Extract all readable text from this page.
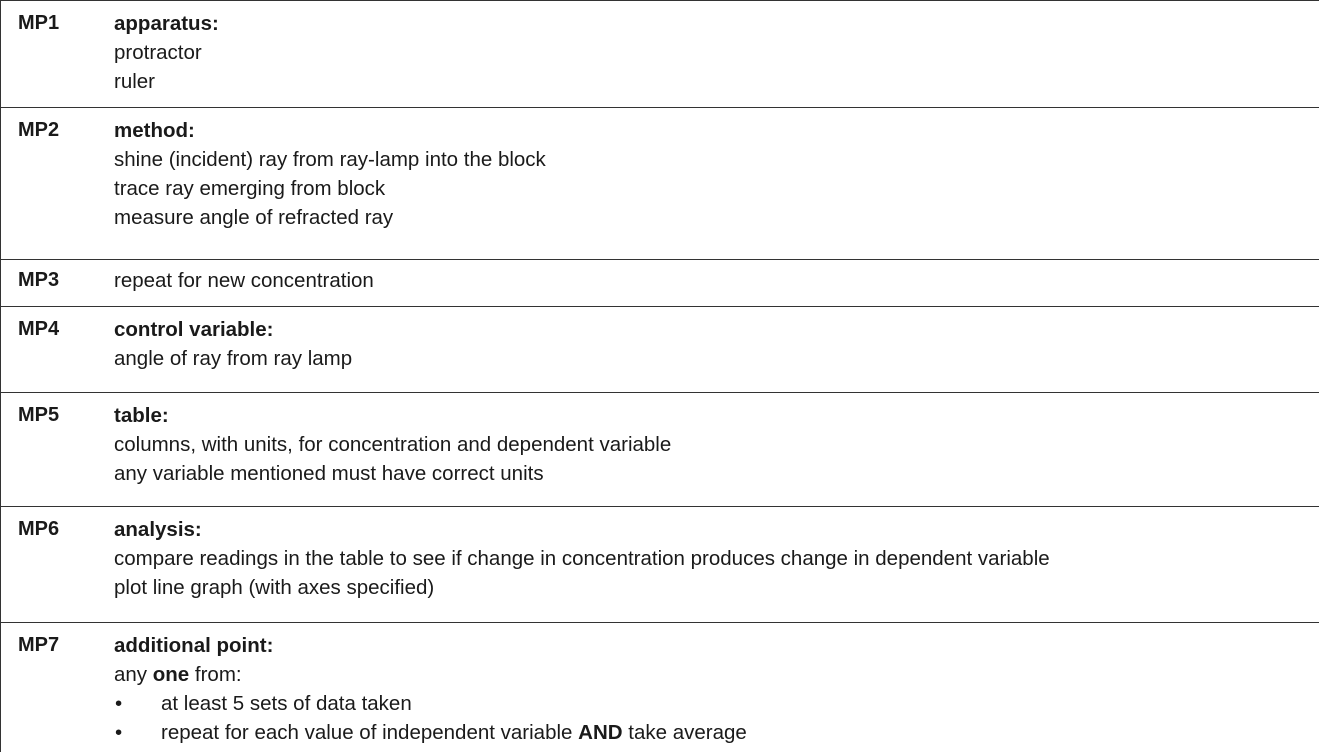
MP1	apparatus:
protractor
ruler
MP2	method:
shine (incident) ray from ray-lamp into the block
trace ray emerging from block
measure angle of refracted ray
MP3	repeat for new concentration
MP4	control variable:
angle of ray from ray lamp
MP5	table:
columns, with units, for concentration and dependent variable
any variable mentioned must have correct units
MP6	analysis:
compare readings in the table to see if change in concentration produces change in dependent variable
plot line graph (with axes specified)
MP7	additional point:
any one from:
• at least 5 sets of data taken
• repeat for each value of independent variable AND take average
